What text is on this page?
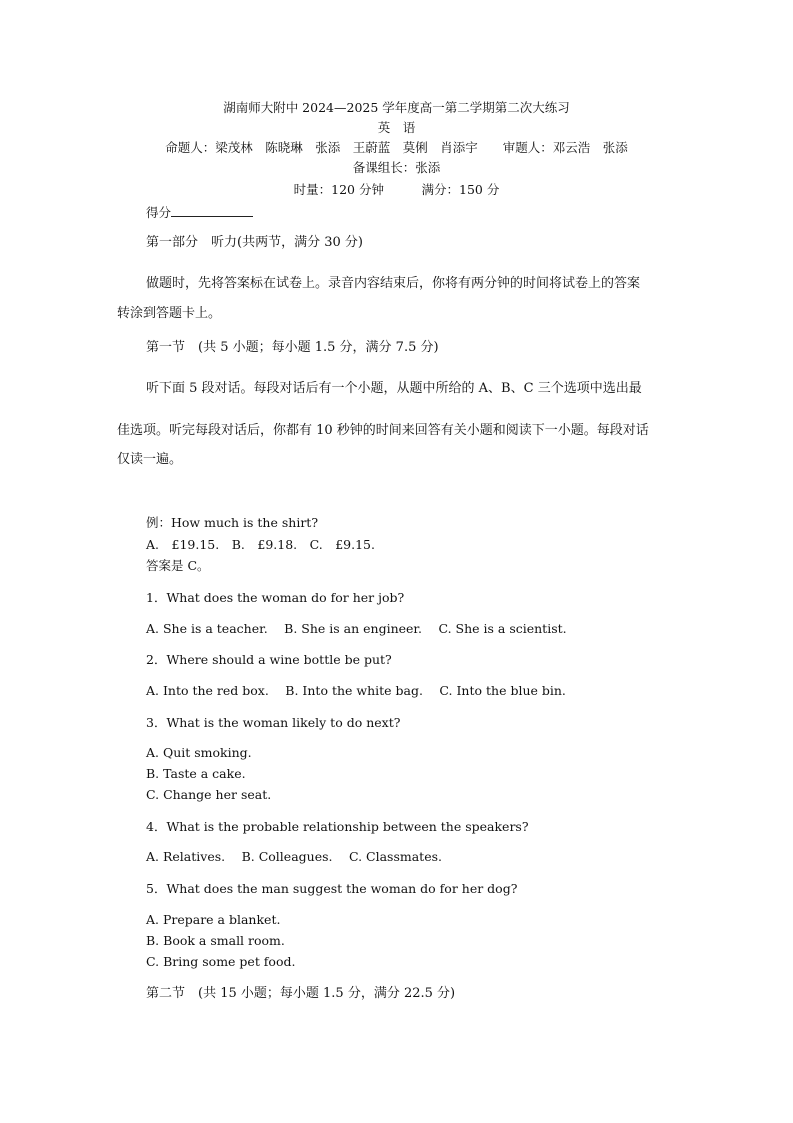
湖南师大附中 2024—2025 学年度高一第二学期第二次大练习
英　语
命题人：梁茂林　陈晓琳　张添　王蔚蓝　莫俐　肖添宇　　审题人：邓云浩　张添
备课组长：张添
时量：120 分钟　　　满分：150 分
得分
第一部分　听力(共两节，满分 30 分)
做题时，先将答案标在试卷上。录音内容结束后，你将有两分钟的时间将试卷上的答案
转涂到答题卡上。
第一节　(共 5 小题；每小题 1.5 分，满分 7.5 分)
听下面 5 段对话。每段对话后有一个小题，从题中所给的 A、B、C 三个选项中选出最
佳选项。听完每段对话后，你都有 10 秒钟的时间来回答有关小题和阅读下一小题。每段对话
仅读一遍。
例：How much is the shirt?
A.　£19.15.　B.　£9.18.　C.　£9.15.
答案是 C。
1．What does the woman do for her job?
A. She is a teacher.　 B. She is an engineer.　 C. She is a scientist.
2．Where should a wine bottle be put?
A. Into the red box.　 B. Into the white bag.　 C. Into the blue bin.
3．What is the woman likely to do next?
A. Quit smoking.
B. Taste a cake.
C. Change her seat.
4．What is the probable relationship between the speakers?
A. Relatives.　 B. Colleagues.　 C. Classmates.
5．What does the man suggest the woman do for her dog?
A. Prepare a blanket.
B. Book a small room.
C. Bring some pet food.
第二节　(共 15 小题；每小题 1.5 分，满分 22.5 分)
